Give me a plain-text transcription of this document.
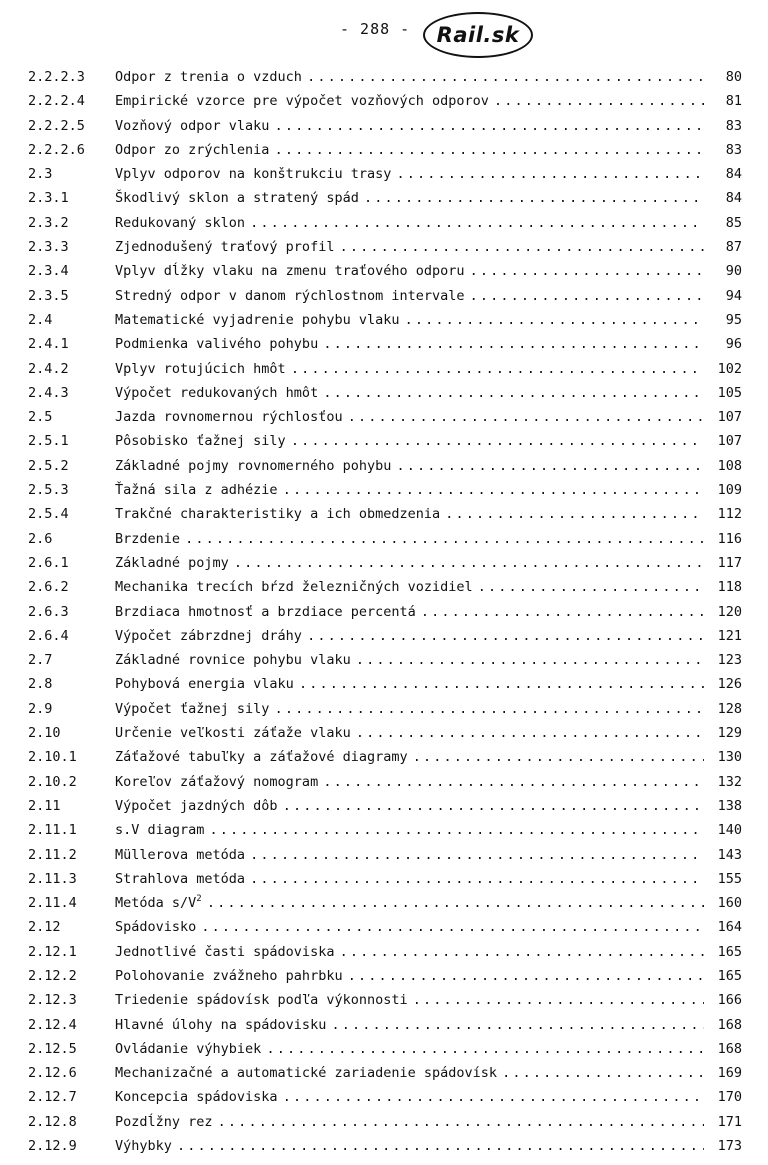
- 288 -	Rail.sk
2.2.2.3 Odpor z trenia o vzduch . . .	80
2.2.2.4 Empirické vzorce pre výpočet vozňových odporov . . .	81
2.2.2.5 Vozňový odpor vlaku . . .	83
2.2.2.6 Odpor zo zrýchlenia . . .	83
2.3	Vplyv odporov na konštrukciu trasy . . .	84
2.3.1	Škodlivý sklon a stratený spád . . .	84
2.3.2	Redukovaný sklon . . .	85
2.3.3	Zjednodušený traťový profil . . .	87
2.3.4	Vplyv dĺžky vlaku na zmenu traťového odporu . . .	90
2.3.5	Stredný odpor v danom rýchlostnom intervale . . .	94
2.4	Matematické vyjadrenie pohybu vlaku . . .	95
2.4.1	Podmienka valivého pohybu . . .	96
2.4.2	Vplyv rotujúcich hmôt . . .	102
2.4.3	Výpočet redukovaných hmôt . . .	105
2.5	Jazda rovnomernou rýchlosťou . . .	107
2.5.1	Pôsobisko ťažnej sily . . .	107
2.5.2	Základné pojmy rovnomerného pohybu . . .	108
2.5.3	Ťažná sila z adhézie . . .	109
2.5.4	Trakčné charakteristiky a ich obmedzenia . . .	112
2.6	Brzdenie . . .	116
2.6.1	Základné pojmy . . .	117
2.6.2	Mechanika trecích bŕzd železničných vozidiel . . .	118
2.6.3	Brzdiaca hmotnosť a brzdiace percentá . . .	120
2.6.4	Výpočet zábrzdnej dráhy . . .	121
2.7	Základné rovnice pohybu vlaku . . .	123
2.8	Pohybová energia vlaku . . .	126
2.9	Výpočet ťažnej sily . . .	128
2.10	Určenie veľkosti záťaže vlaku . . .	129
2.10.1	Záťažové tabuľky a záťažové diagramy . . .	130
2.10.2	Koreľov záťažový nomogram . . .	132
2.11	Výpočet jazdných dôb . . .	138
2.11.1	s.V diagram . . .	140
2.11.2	Müllerova metóda . . .	143
2.11.3	Strahlova metóda . . .	155
2.11.4	Metóda $s/V^2$ . . .	160
2.12	Spádovisko . . .	164
2.12.1	Jednotlivé časti spádoviska . . .	165
2.12.2	Polohovanie zvážneho pahrbku . . .	165
2.12.3	Triedenie spádovísk podľa výkonnosti . . .	166
2.12.4	Hlavné úlohy na spádovisku . . .	168
2.12.5	Ovládanie výhybiek . . .	168
2.12.6	Mechanizačné a automatické zariadenie spádovísk . . .	169
2.12.7	Koncepcia spádoviska . . .	170
2.12.8	Pozdĺžny rez . . .	171
2.12.9	Výhybky . . .	173
